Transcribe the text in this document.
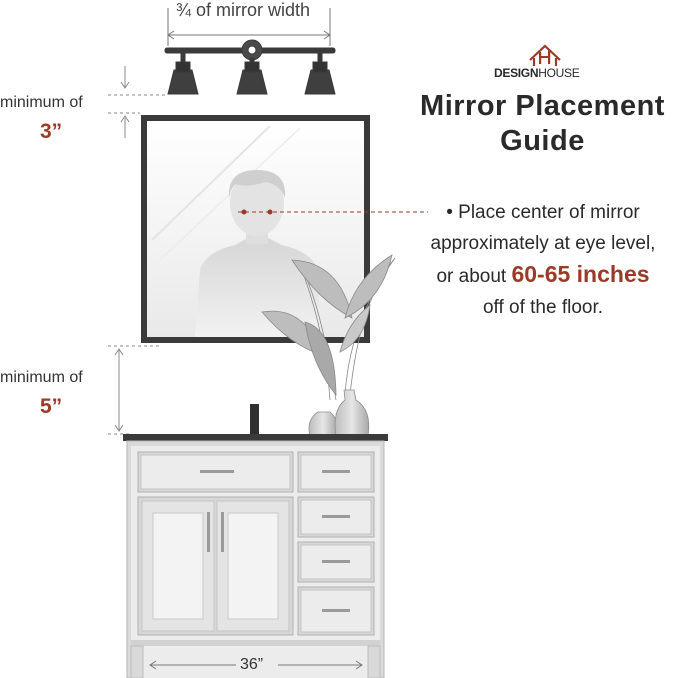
¾ of mirror width
minimum of
3”
minimum of
5”
36”
DESIGNHOUSE
Mirror Placement
Guide
• Place center of mirror
approximately at eye level,
or about 60-65 inches
off of the floor.
